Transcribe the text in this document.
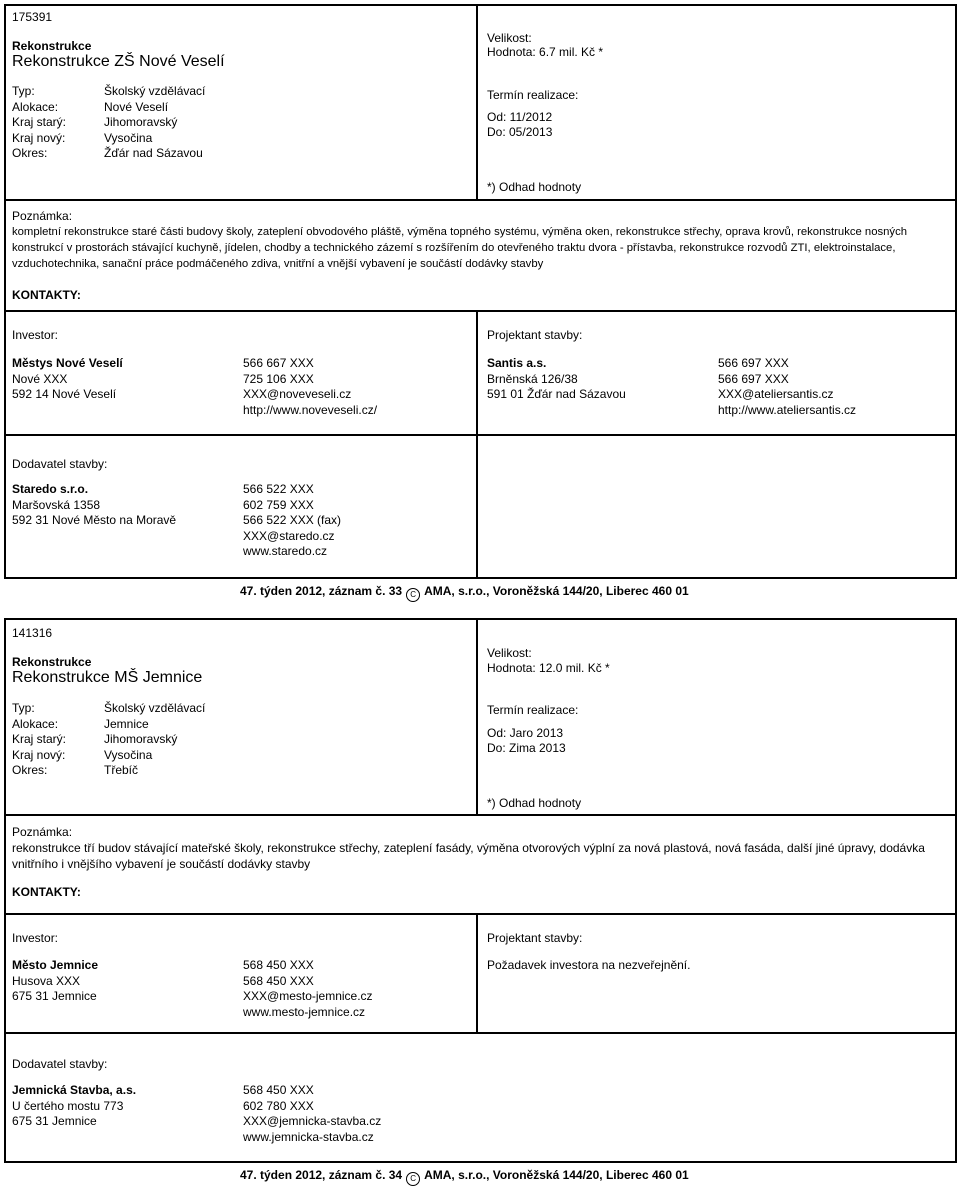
175391
Rekonstrukce
Rekonstrukce ZŠ Nové Veselí
Typ:
Alokace:
Kraj starý:
Kraj nový:
Okres:
Školský vzdělávací
Nové Veselí
Jihomoravský
Vysočina
Žďár nad Sázavou
Velikost:
Hodnota: 6.7 mil. Kč *
Termín realizace:
Od: 11/2012
Do: 05/2013
*) Odhad hodnoty
Poznámka:
kompletní rekonstrukce staré části budovy školy, zateplení obvodového pláště, výměna topného systému, výměna oken, rekonstrukce střechy, oprava krovů, rekonstrukce nosných konstrukcí v prostorách stávající kuchyně, jídelen, chodby a technického zázemí s rozšířením do otevřeného traktu dvora - přístavba, rekonstrukce rozvodů ZTI, elektroinstalace, vzduchotechnika, sanační práce podmáčeného zdiva, vnitřní a vnější vybavení je součástí dodávky stavby
KONTAKTY:
Investor:
Městys Nové Veselí
Nové XXX
592 14 Nové Veselí
566 667 XXX
725 106 XXX
XXX@noveveseli.cz
http://www.noveveseli.cz/
Projektant stavby:
Santis a.s.
Brněnská 126/38
591 01 Žďár nad Sázavou
566 697 XXX
566 697 XXX
XXX@ateliersantis.cz
http://www.ateliersantis.cz
Dodavatel stavby:
Staredo s.r.o.
Maršovská 1358
592 31 Nové Město na Moravě
566 522 XXX
602 759 XXX
566 522 XXX (fax)
XXX@staredo.cz
www.staredo.cz
47. týden 2012, záznam č. 33 C AMA, s.r.o., Voroněžská 144/20, Liberec 460 01
141316
Rekonstrukce
Rekonstrukce MŠ Jemnice
Typ:
Alokace:
Kraj starý:
Kraj nový:
Okres:
Školský vzdělávací
Jemnice
Jihomoravský
Vysočina
Třebíč
Velikost:
Hodnota: 12.0 mil. Kč *
Termín realizace:
Od: Jaro 2013
Do: Zima 2013
*) Odhad hodnoty
Poznámka:
rekonstrukce tří budov stávající mateřské školy, rekonstrukce střechy, zateplení fasády, výměna otvorových výplní za nová plastová, nová fasáda, další jiné úpravy, dodávka vnitřního i vnějšího vybavení je součástí dodávky stavby
KONTAKTY:
Investor:
Město Jemnice
Husova XXX
675 31 Jemnice
568 450 XXX
568 450 XXX
XXX@mesto-jemnice.cz
www.mesto-jemnice.cz
Projektant stavby:
Požadavek investora na nezveřejnění.
Dodavatel stavby:
Jemnická Stavba, a.s.
U čertého mostu 773
675 31 Jemnice
568 450 XXX
602 780 XXX
XXX@jemnicka-stavba.cz
www.jemnicka-stavba.cz
47. týden 2012, záznam č. 34 C AMA, s.r.o., Voroněžská 144/20, Liberec 460 01
